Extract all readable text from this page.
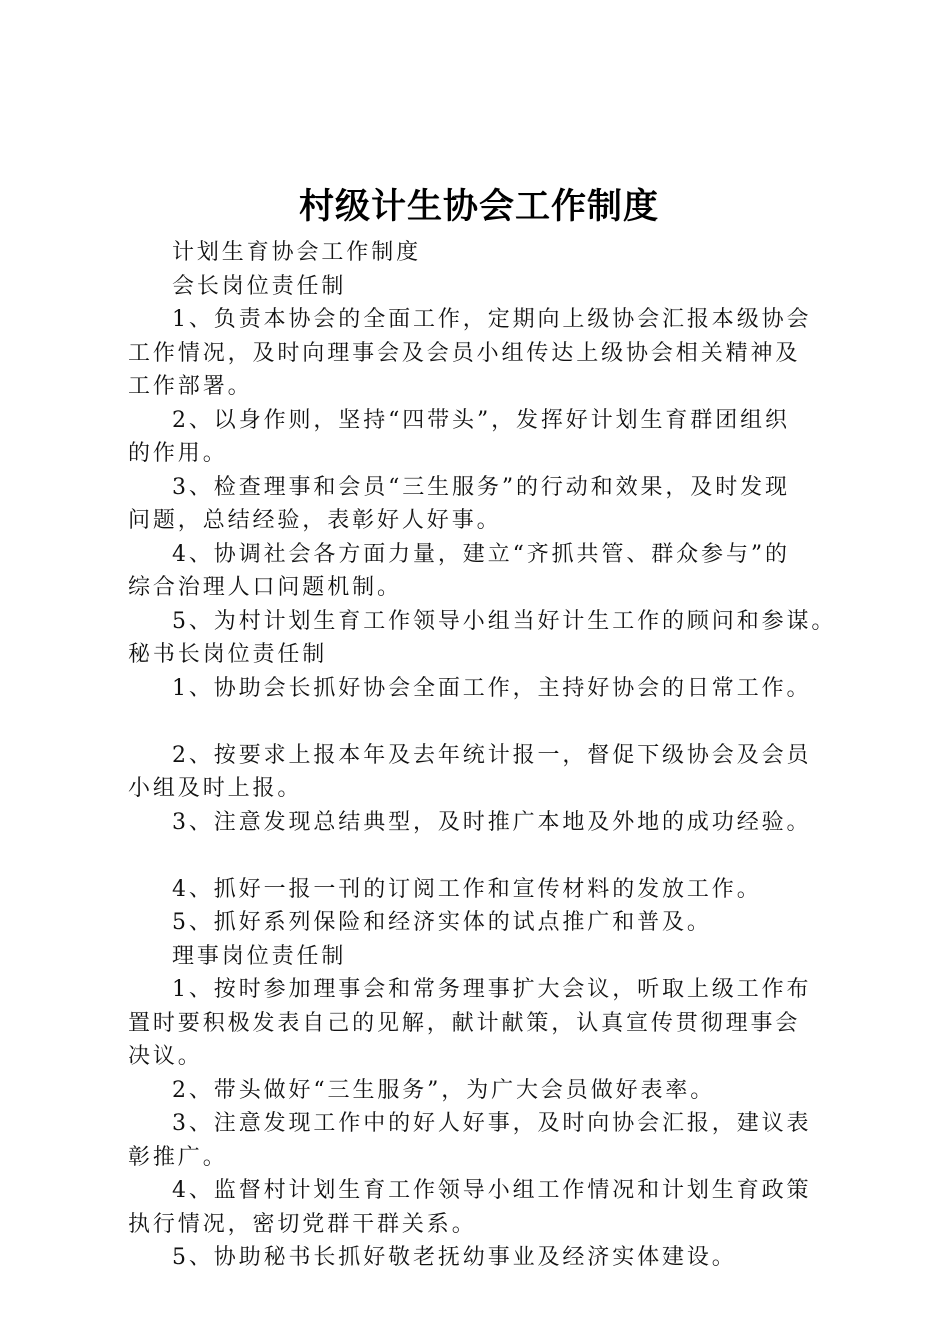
村级计生协会工作制度
计划生育协会工作制度
会长岗位责任制
1、负责本协会的全面工作，定期向上级协会汇报本级协会
工作情况，及时向理事会及会员小组传达上级协会相关精神及
工作部署。
2、以身作则，坚持“四带头”，发挥好计划生育群团组织
的作用。
3、检查理事和会员“三生服务”的行动和效果，及时发现
问题，总结经验，表彰好人好事。
4、协调社会各方面力量，建立“齐抓共管、群众参与”的
综合治理人口问题机制。
5、为村计划生育工作领导小组当好计生工作的顾问和参谋。
秘书长岗位责任制
1、协助会长抓好协会全面工作，主持好协会的日常工作。
2、按要求上报本年及去年统计报一，督促下级协会及会员
小组及时上报。
3、注意发现总结典型，及时推广本地及外地的成功经验。
4、抓好一报一刊的订阅工作和宣传材料的发放工作。
5、抓好系列保险和经济实体的试点推广和普及。
理事岗位责任制
1、按时参加理事会和常务理事扩大会议，听取上级工作布
置时要积极发表自己的见解，献计献策，认真宣传贯彻理事会
决议。
2、带头做好“三生服务”，为广大会员做好表率。
3、注意发现工作中的好人好事，及时向协会汇报，建议表
彰推广。
4、监督村计划生育工作领导小组工作情况和计划生育政策
执行情况，密切党群干群关系。
5、协助秘书长抓好敬老抚幼事业及经济实体建设。
